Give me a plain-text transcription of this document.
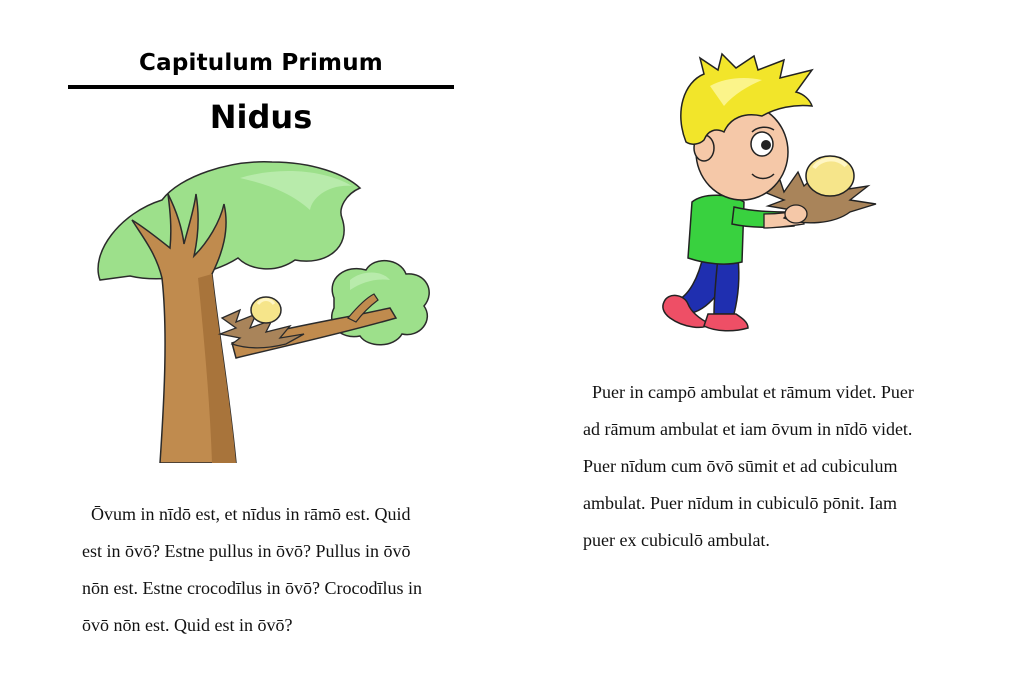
Capitulum Primum
Nidus

Ōvum in nīdō est, et nīdus in rāmō est. Quid
est in ōvō? Estne pullus in ōvō? Pullus in ōvō
nōn est. Estne crocodīlus in ōvō? Crocodīlus in
ōvō nōn est. Quid est in ōvō?

Puer in campō ambulat et rāmum videt. Puer
ad rāmum ambulat et iam ōvum in nīdō videt.
Puer nīdum cum ōvō sūmit et ad cubiculum
ambulat. Puer nīdum in cubiculō pōnit. Iam
puer ex cubiculō ambulat.
